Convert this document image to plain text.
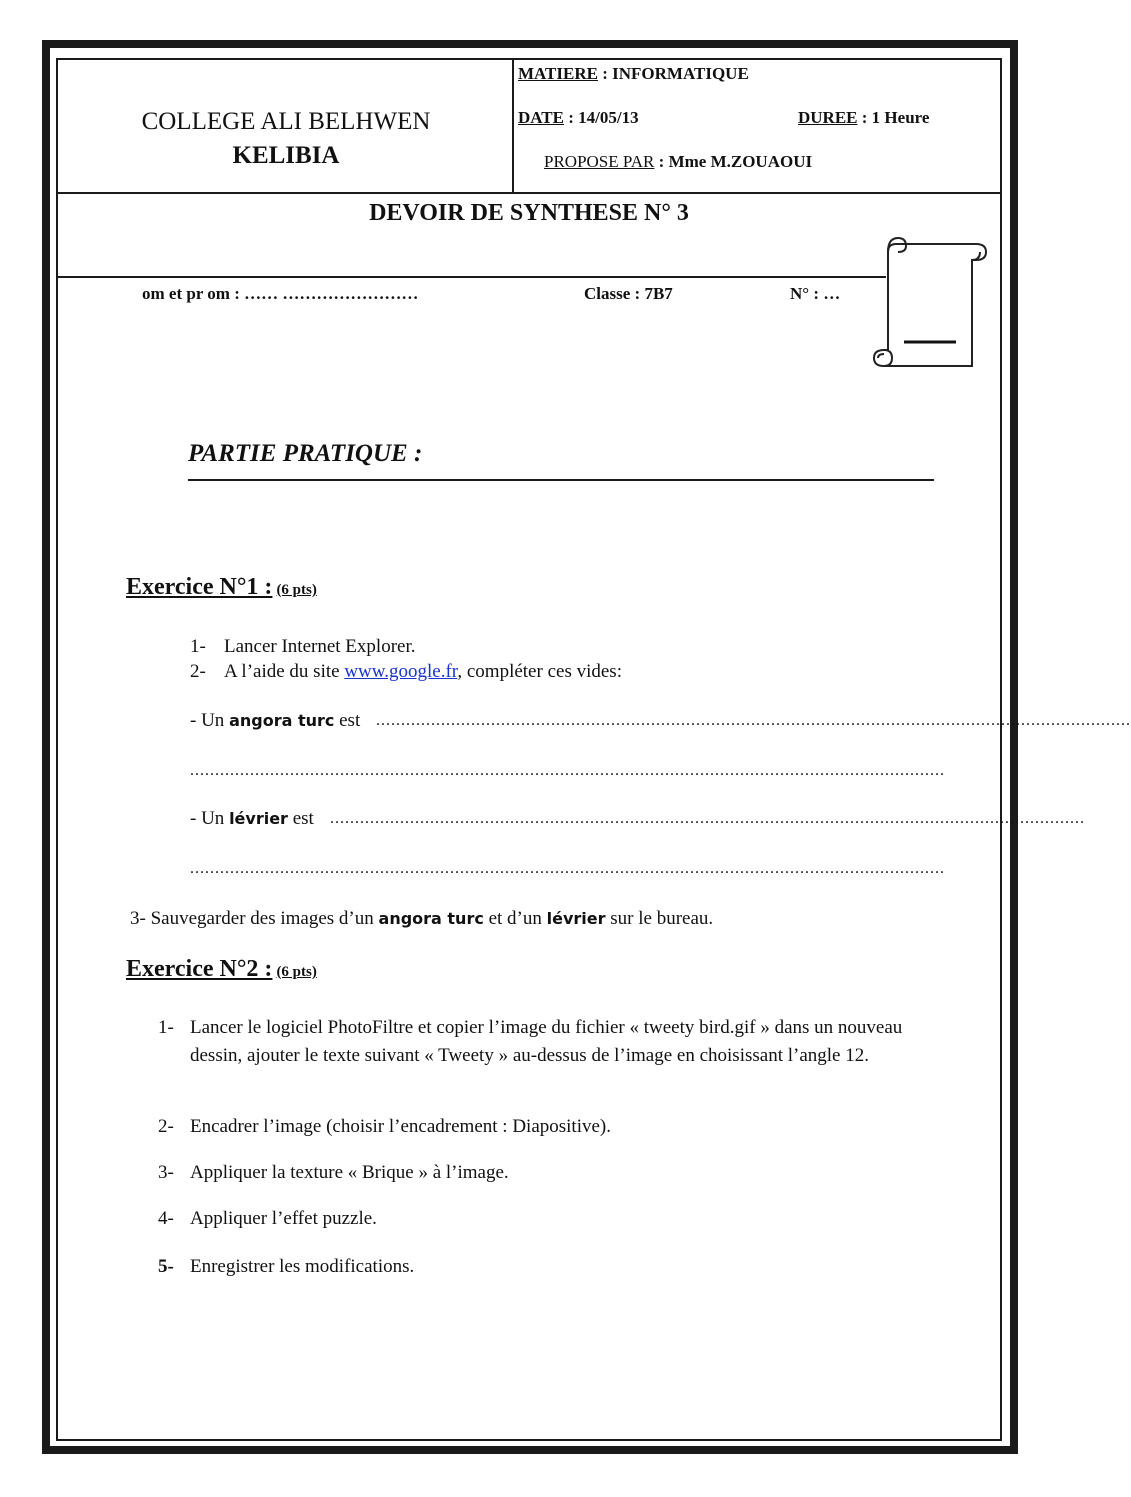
COLLEGE ALI BELHWEN
KELIBIA
MATIERE : INFORMATIQUE
DATE : 14/05/13	DUREE : 1 Heure
PROPOSE PAR : Mme M.ZOUAOUI
DEVOIR DE SYNTHESE N° 3
om et pr om : …… ……………………	Classe : 7B7	N° : …
PARTIE PRATIQUE :
Exercice N°1 : (6 pts)
1- Lancer Internet Explorer.
2- A l’aide du site www.google.fr, compléter ces vides:
- Un angora turc est .......................................................................................................................................................
.......................................................................................................................................................
- Un lévrier est .......................................................................................................................................................
.......................................................................................................................................................
3- Sauvegarder des images d’un angora turc et d’un lévrier sur le bureau.
Exercice N°2 : (6 pts)
1- Lancer le logiciel PhotoFiltre et copier l’image du fichier « tweety bird.gif » dans un nouveau dessin, ajouter le texte suivant « Tweety » au-dessus de l’image en choisissant l’angle 12.
2- Encadrer l’image (choisir l’encadrement : Diapositive).
3- Appliquer la texture « Brique » à l’image.
4- Appliquer l’effet puzzle.
5- Enregistrer les modifications.
